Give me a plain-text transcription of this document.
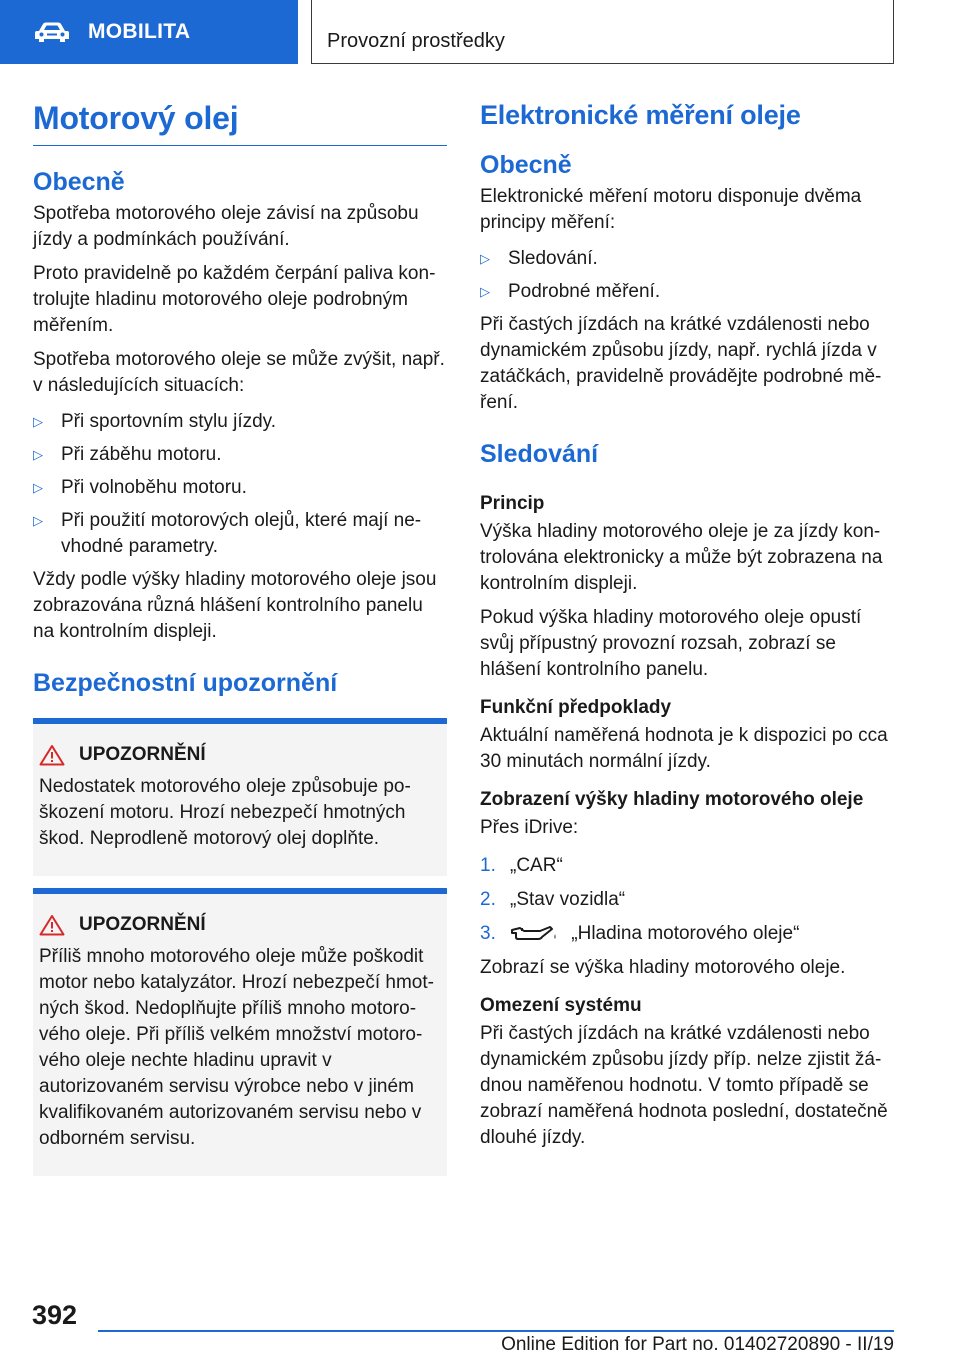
MOBILITA	Provozní prostředky
Motorový olej
Obecně

Spotřeba motorového oleje závisí na způsobu jízdy a podmínkách používání.

Proto pravidelně po každém čerpání paliva kon- trolujte hladinu motorového oleje podrobným měřením.

Spotřeba motorového oleje se může zvýšit, např. v následujících situacích:

▷ Při sportovním stylu jízdy.
▷ Při záběhu motoru.
▷ Při volnoběhu motoru.
▷ Při použití motorových olejů, které mají ne- vhodné parametry.

Vždy podle výšky hladiny motorového oleje jsou zobrazována různá hlášení kontrolního panelu na kontrolním displeji.

Bezpečnostní upozornění
UPOZORNĚNÍ

Nedostatek motorového oleje způsobuje po- škození motoru. Hrozí nebezpečí hmotných škod. Neprodleně motorový olej doplňte.

UPOZORNĚNÍ

Příliš mnoho motorového oleje může poškodit motor nebo katalyzátor. Hrozí nebezpečí hmot- ných škod. Nedoplňujte příliš mnoho motoro- vého oleje. Při příliš velkém množství motoro- vého oleje nechte hladinu upravit v autorizovaném servisu výrobce nebo v jiném kvalifikovaném autorizovaném servisu nebo v odborném servisu.

Elektronické měření oleje
Obecně

Elektronické měření motoru disponuje dvěma principy měření:

▷ Sledování.
▷ Podrobné měření.

Při častých jízdách na krátké vzdálenosti nebo dynamickém způsobu jízdy, např. rychlá jízda v zatáčkách, pravidelně provádějte podrobné mě- ření.

Sledování
Princip

Výška hladiny motorového oleje je za jízdy kon- trolována elektronicky a může být zobrazena na kontrolním displeji.

Pokud výška hladiny motorového oleje opustí svůj přípustný provozní rozsah, zobrazí se hlášení kontrolního panelu.

Funkční předpoklady

Aktuální naměřená hodnota je k dispozici po cca 30 minutách normální jízdy.

Zobrazení výšky hladiny motorového oleje

Přes iDrive:

1. „CAR“
2. „Stav vozidla“
3.	„Hladina motorového oleje“

Zobrazí se výška hladiny motorového oleje.

Omezení systému

Při častých jízdách na krátké vzdálenosti nebo dynamickém způsobu jízdy příp. nelze zjistit žá- dnou naměřenou hodnotu. V tomto případě se zobrazí naměřená hodnota poslední, dostatečně dlouhé jízdy.

392
Online Edition for Part no. 01402720890 - II/19
